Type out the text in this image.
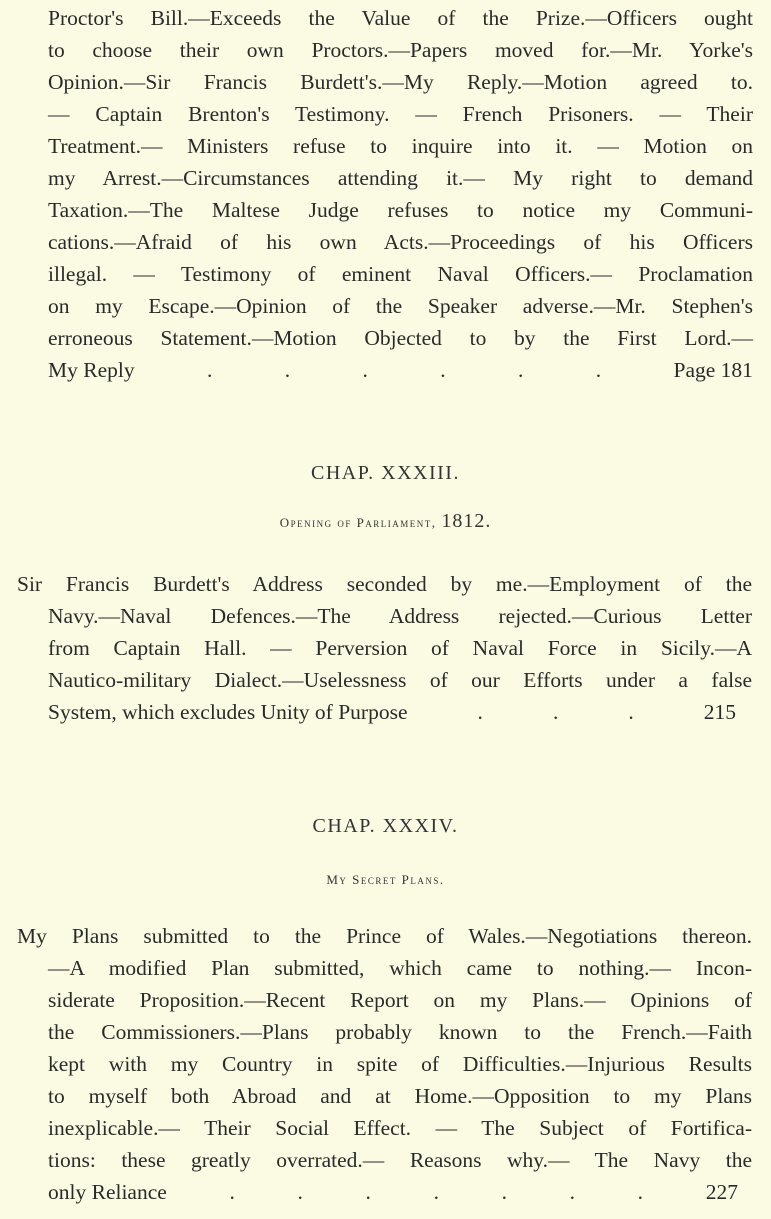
Proctor's Bill.—Exceeds the Value of the Prize.—Officers ought
to choose their own Proctors.—Papers moved for.—Mr. Yorke's
Opinion.—Sir Francis Burdett's.—My Reply.—Motion agreed to.
— Captain Brenton's Testimony. — French Prisoners. — Their
Treatment.— Ministers refuse to inquire into it. — Motion on
my Arrest.—Circumstances attending it.— My right to demand
Taxation.—The Maltese Judge refuses to notice my Communi-
cations.—Afraid of his own Acts.—Proceedings of his Officers
illegal. — Testimony of eminent Naval Officers.— Proclamation
on my Escape.—Opinion of the Speaker adverse.—Mr. Stephen's
erroneous Statement.—Motion Objected to by the First Lord.—
My Reply	.	.	.	.	.	.	Page 181
CHAP. XXXIII.
Opening of Parliament, 1812.
Sir Francis Burdett's Address seconded by me.—Employment of the
Navy.—Naval Defences.—The Address rejected.—Curious Letter
from Captain Hall. — Perversion of Naval Force in Sicily.—A
Nautico-military Dialect.—Uselessness of our Efforts under a false
System, which excludes Unity of Purpose	.	.	.	215
CHAP. XXXIV.
My Secret Plans.
My Plans submitted to the Prince of Wales.—Negotiations thereon.
—A modified Plan submitted, which came to nothing.— Incon-
siderate Proposition.—Recent Report on my Plans.— Opinions of
the Commissioners.—Plans probably known to the French.—Faith
kept with my Country in spite of Difficulties.—Injurious Results
to myself both Abroad and at Home.—Opposition to my Plans
inexplicable.— Their Social Effect. — The Subject of Fortifica-
tions: these greatly overrated.— Reasons why.— The Navy the
only Reliance	.	.	.	.	.	.	.	227
